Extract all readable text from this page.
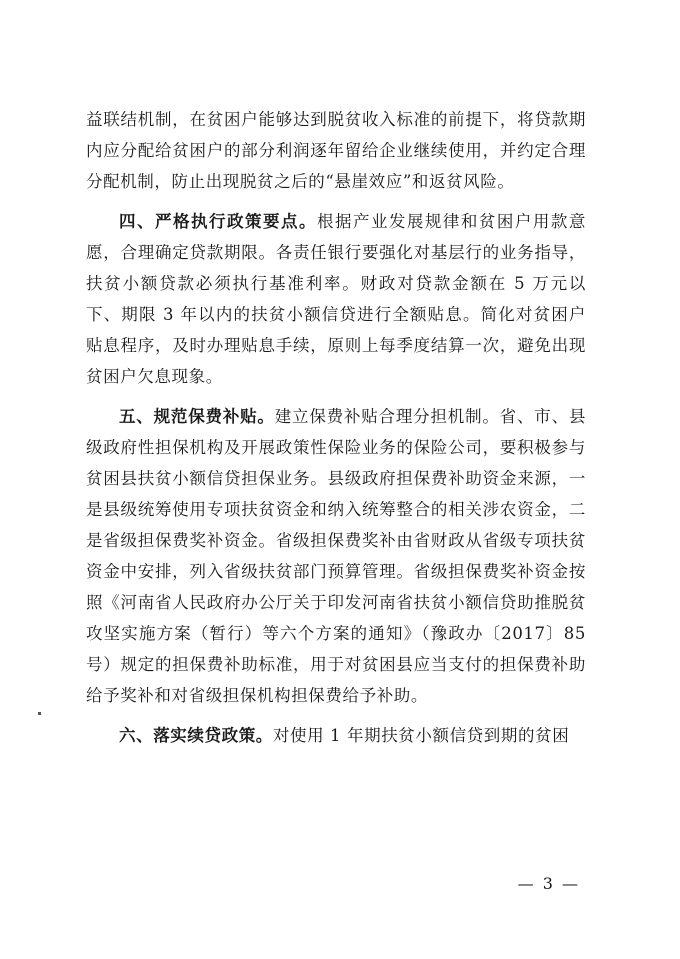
益联结机制，在贫困户能够达到脱贫收入标准的前提下，将贷款期内应分配给贫困户的部分利润逐年留给企业继续使用，并约定合理分配机制，防止出现脱贫之后的“悬崖效应”和返贫风险。

四、严格执行政策要点。根据产业发展规律和贫困户用款意愿，合理确定贷款期限。各责任银行要强化对基层行的业务指导，扶贫小额贷款必须执行基准利率。财政对贷款金额在 5 万元以下、期限 3 年以内的扶贫小额信贷进行全额贴息。简化对贫困户贴息程序，及时办理贴息手续，原则上每季度结算一次，避免出现贫困户欠息现象。

五、规范保费补贴。建立保费补贴合理分担机制。省、市、县级政府性担保机构及开展政策性保险业务的保险公司，要积极参与贫困县扶贫小额信贷担保业务。县级政府担保费补助资金来源，一是县级统筹使用专项扶贫资金和纳入统筹整合的相关涉农资金，二是省级担保费奖补资金。省级担保费奖补由省财政从省级专项扶贫资金中安排，列入省级扶贫部门预算管理。省级担保费奖补资金按照《河南省人民政府办公厅关于印发河南省扶贫小额信贷助推脱贫攻坚实施方案（暂行）等六个方案的通知》（豫政办〔2017〕85 号）规定的担保费补助标准，用于对贫困县应当支付的担保费补助给予奖补和对省级担保机构担保费给予补助。

六、落实续贷政策。对使用 1 年期扶贫小额信贷到期的贫困

— 3 —
